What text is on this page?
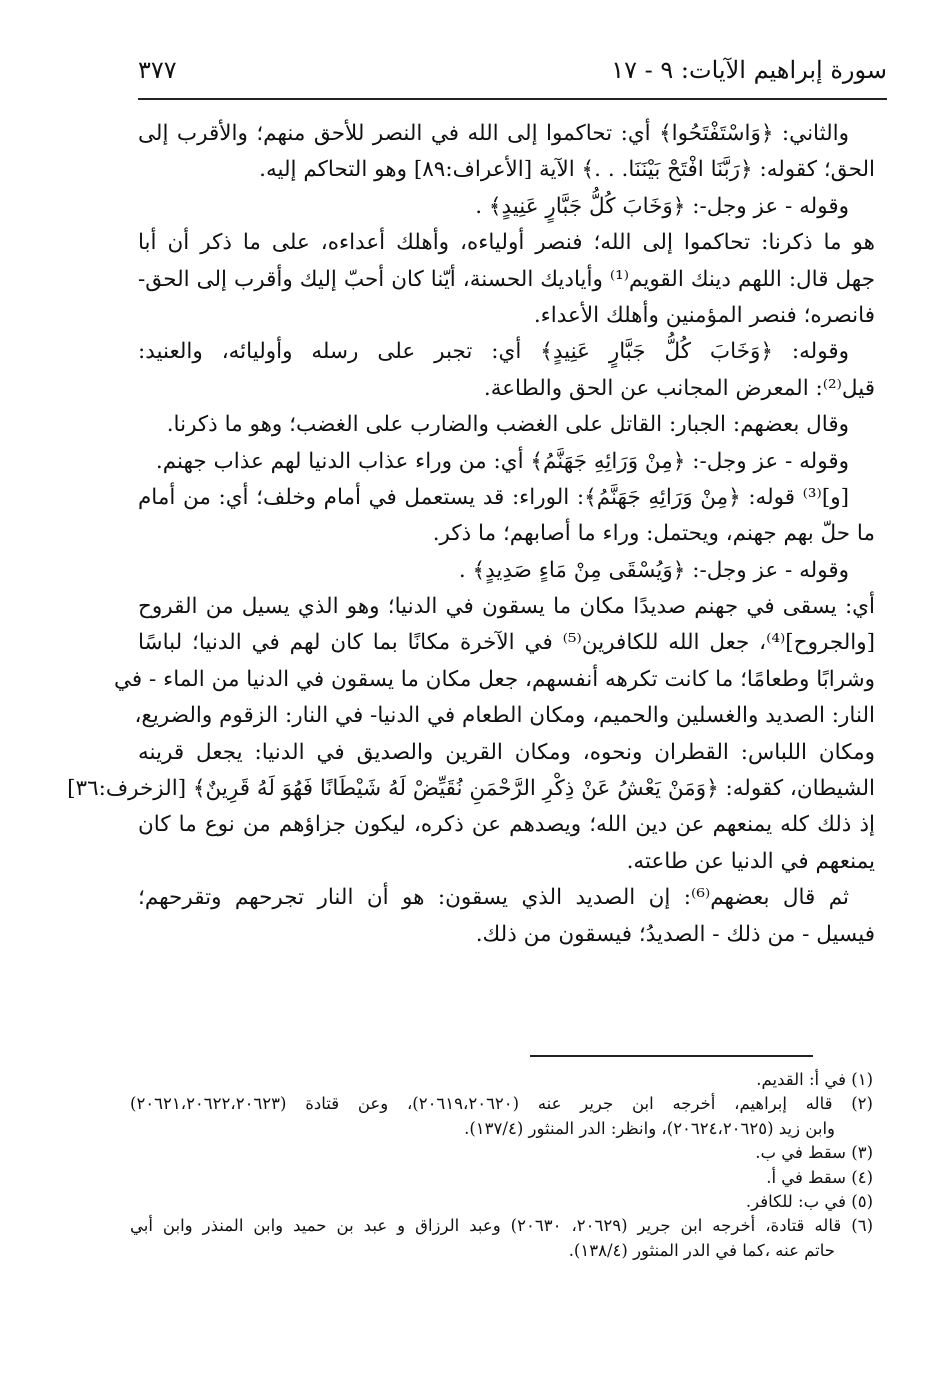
سورة إبراهيم الآيات: ٩ - ١٧
٣٧٧
والثاني: ﴿وَاسْتَفْتَحُوا﴾ أي: تحاكموا إلى الله في النصر للأحق منهم؛ والأقرب إلى
الحق؛ كقوله: ﴿رَبَّنَا افْتَحْ بَيْنَنَا. . .﴾ الآية [الأعراف:٨٩] وهو التحاكم إليه.
وقوله - عز وجل-: ﴿وَخَابَ كُلُّ جَبَّارٍ عَنِيدٍ﴾ .
هو ما ذكرنا: تحاكموا إلى الله؛ فنصر أولياءه، وأهلك أعداءه، على ما ذكر أن أبا
جهل قال: اللهم دينك القويم⁽¹⁾ وأياديك الحسنة، أيّنا كان أحبّ إليك وأقرب إلى الحق-
فانصره؛ فنصر المؤمنين وأهلك الأعداء.
وقوله: ﴿وَخَابَ كُلُّ جَبَّارٍ عَنِيدٍ﴾ أي: تجبر على رسله وأوليائه، والعنيد:
قيل⁽²⁾: المعرض المجانب عن الحق والطاعة.
وقال بعضهم: الجبار: القاتل على الغضب والضارب على الغضب؛ وهو ما ذكرنا.
وقوله - عز وجل-: ﴿مِنْ وَرَائِهِ جَهَنَّمُ﴾ أي: من وراء عذاب الدنيا لهم عذاب جهنم.
[و]⁽³⁾ قوله: ﴿مِنْ وَرَائِهِ جَهَنَّمُ﴾: الوراء: قد يستعمل في أمام وخلف؛ أي: من أمام
ما حلّ بهم جهنم، ويحتمل: وراء ما أصابهم؛ ما ذكر.
وقوله - عز وجل-: ﴿وَيُسْقَى مِنْ مَاءٍ صَدِيدٍ﴾ .
أي: يسقى في جهنم صديدًا مكان ما يسقون في الدنيا؛ وهو الذي يسيل من القروح
[والجروح]⁽⁴⁾، جعل الله للكافرين⁽⁵⁾ في الآخرة مكانًا بما كان لهم في الدنيا؛ لباسًا
وشرابًا وطعامًا؛ ما كانت تكرهه أنفسهم، جعل مكان ما يسقون في الدنيا من الماء - في
النار: الصديد والغسلين والحميم، ومكان الطعام في الدنيا- في النار: الزقوم والضريع،
ومكان اللباس: القطران ونحوه، ومكان القرين والصديق في الدنيا: يجعل قرينه
الشيطان، كقوله: ﴿وَمَنْ يَعْشُ عَنْ ذِكْرِ الرَّحْمَنِ نُقَيِّضْ لَهُ شَيْطَانًا فَهُوَ لَهُ قَرِينٌ﴾ [الزخرف:٣٦]
إذ ذلك كله يمنعهم عن دين الله؛ ويصدهم عن ذكره، ليكون جزاؤهم من نوع ما كان
يمنعهم في الدنيا عن طاعته.
ثم قال بعضهم⁽⁶⁾: إن الصديد الذي يسقون: هو أن النار تجرحهم وتقرحهم؛
فيسيل - من ذلك - الصديدُ؛ فيسقون من ذلك.
(١) في أ: القديم.
(٢) قاله إبراهيم، أخرجه ابن جرير عنه (٢٠٦١٩،٢٠٦٢٠)، وعن قتادة (٢٠٦٢١،٢٠٦٢٢،٢٠٦٢٣)
وابن زيد (٢٠٦٢٤،٢٠٦٢٥)، وانظر: الدر المنثور (١٣٧/٤).
(٣) سقط في ب.
(٤) سقط في أ.
(٥) في ب: للكافر.
(٦) قاله قتادة، أخرجه ابن جرير (٢٠٦٢٩، ٢٠٦٣٠) وعبد الرزاق و عبد بن حميد وابن المنذر وابن أبي
حاتم عنه ،كما في الدر المنثور (١٣٨/٤).
